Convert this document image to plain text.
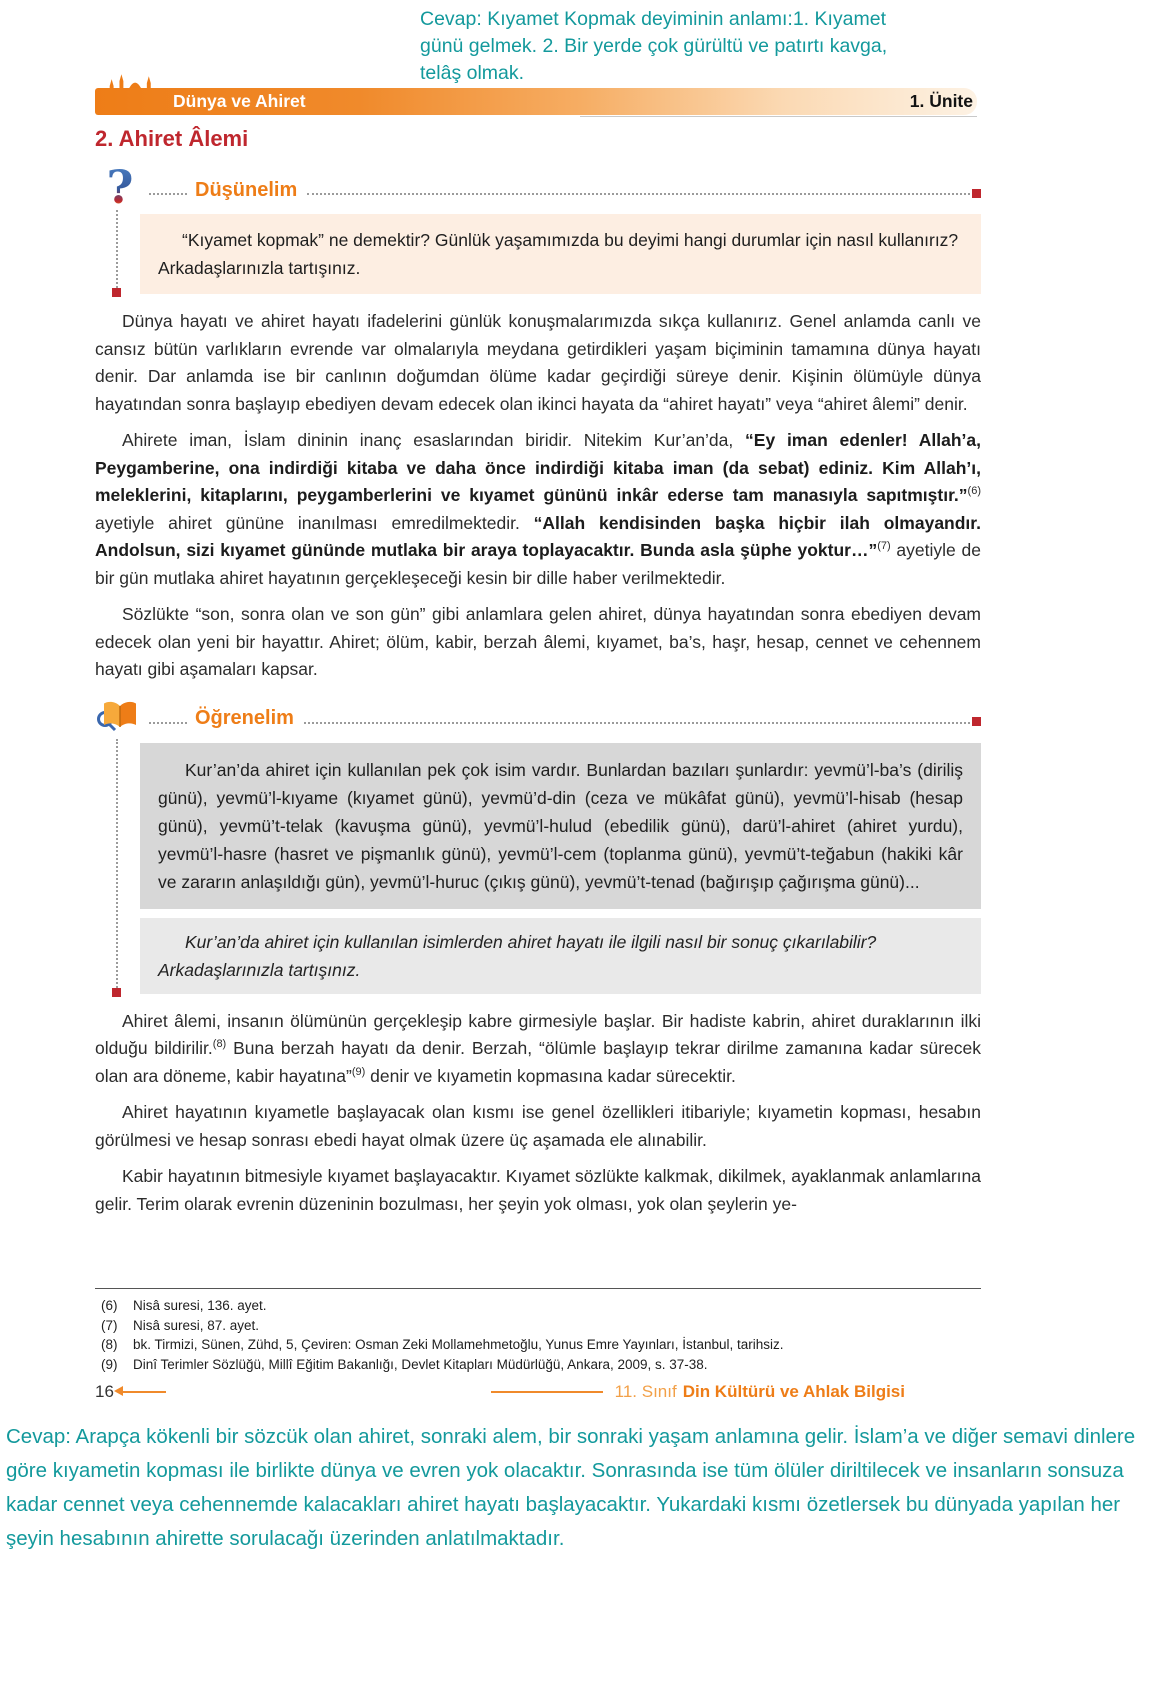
Cevap: Kıyamet Kopmak deyiminin anlamı:1. Kıyamet günü gelmek. 2. Bir yerde çok gürültü ve patırtı kavga, telâş olmak.
Dünya ve Ahiret	1. Ünite
2. Ahiret Âlemi
?	Düşünelim
“Kıyamet kopmak” ne demektir? Günlük yaşamımızda bu deyimi hangi durumlar için nasıl kullanırız? Arkadaşlarınızla tartışınız.

Dünya hayatı ve ahiret hayatı ifadelerini günlük konuşmalarımızda sıkça kullanırız. Genel anlamda canlı ve cansız bütün varlıkların evrende var olmalarıyla meydana getirdikleri yaşam biçiminin tamamına dünya hayatı denir. Dar anlamda ise bir canlının doğumdan ölüme kadar geçirdiği süreye denir. Kişinin ölümüyle dünya hayatından sonra başlayıp ebediyen devam edecek olan ikinci hayata da “ahiret hayatı” veya “ahiret âlemi” denir.

Ahirete iman, İslam dininin inanç esaslarından biridir. Nitekim Kur’an’da, “Ey iman edenler! Allah’a, Peygamberine, ona indirdiği kitaba ve daha önce indirdiği kitaba iman (da sebat) ediniz. Kim Allah’ı, meleklerini, kitaplarını, peygamberlerini ve kıyamet gününü inkâr ederse tam manasıyla sapıtmıştır.”$^{(6)}$ ayetiyle ahiret gününe inanılması emredilmektedir. “Allah kendisinden başka hiçbir ilah olmayandır. Andolsun, sizi kıyamet gününde mutlaka bir araya toplayacaktır. Bunda asla şüphe yoktur…”$^{(7)}$ ayetiyle de bir gün mutlaka ahiret hayatının gerçekleşeceği kesin bir dille haber verilmektedir.

Sözlükte “son, sonra olan ve son gün” gibi anlamlara gelen ahiret, dünya hayatından sonra ebediyen devam edecek olan yeni bir hayattır. Ahiret; ölüm, kabir, berzah âlemi, kıyamet, ba’s, haşr, hesap, cennet ve cehennem hayatı gibi aşamaları kapsar.

Öğrenelim
Kur’an’da ahiret için kullanılan pek çok isim vardır. Bunlardan bazıları şunlardır: yevmü’l-ba’s (diriliş günü), yevmü’l-kıyame (kıyamet günü), yevmü’d-din (ceza ve mükâfat günü), yevmü’l-hisab (hesap günü), yevmü’t-telak (kavuşma günü), yevmü’l-hulud (ebedilik günü), darü’l-ahiret (ahiret yurdu), yevmü’l-hasre (hasret ve pişmanlık günü), yevmü’l-cem (toplanma günü), yevmü’t-teğabun (hakiki kâr ve zararın anlaşıldığı gün), yevmü’l-huruc (çıkış günü), yevmü’t-tenad (bağırışıp çağırışma günü)...
Kur’an’da ahiret için kullanılan isimlerden ahiret hayatı ile ilgili nasıl bir sonuç çıkarılabilir? Arkadaşlarınızla tartışınız.

Ahiret âlemi, insanın ölümünün gerçekleşip kabre girmesiyle başlar. Bir hadiste kabrin, ahiret duraklarının ilki olduğu bildirilir.$^{(8)}$ Buna berzah hayatı da denir. Berzah, “ölümle başlayıp tekrar dirilme zamanına kadar sürecek olan ara döneme, kabir hayatına”$^{(9)}$ denir ve kıyametin kopmasına kadar sürecektir.

Ahiret hayatının kıyametle başlayacak olan kısmı ise genel özellikleri itibariyle; kıyametin kopması, hesabın görülmesi ve hesap sonrası ebedi hayat olmak üzere üç aşamada ele alınabilir.

Kabir hayatının bitmesiyle kıyamet başlayacaktır. Kıyamet sözlükte kalkmak, dikilmek, ayaklanmak anlamlarına gelir. Terim olarak evrenin düzeninin bozulması, her şeyin yok olması, yok olan şeylerin ye-

(6)	Nisâ suresi, 136. ayet.
(7)	Nisâ suresi, 87. ayet.
(8)	bk. Tirmizi, Sünen, Zühd, 5, Çeviren: Osman Zeki Mollamehmetoğlu, Yunus Emre Yayınları, İstanbul, tarihsiz.
(9)	Dinî Terimler Sözlüğü, Millî Eğitim Bakanlığı, Devlet Kitapları Müdürlüğü, Ankara, 2009, s. 37-38.
16	11. Sınıf Din Kültürü ve Ahlak Bilgisi
Cevap: Arapça kökenli bir sözcük olan ahiret, sonraki alem, bir sonraki yaşam anlamına gelir. İslam’a ve diğer semavi dinlere göre kıyametin kopması ile birlikte dünya ve evren yok olacaktır. Sonrasında ise tüm ölüler diriltilecek ve insanların sonsuza kadar cennet veya cehennemde kalacakları ahiret hayatı başlayacaktır. Yukardaki kısmı özetlersek bu dünyada yapılan her şeyin hesabının ahirette sorulacağı üzerinden anlatılmaktadır.
